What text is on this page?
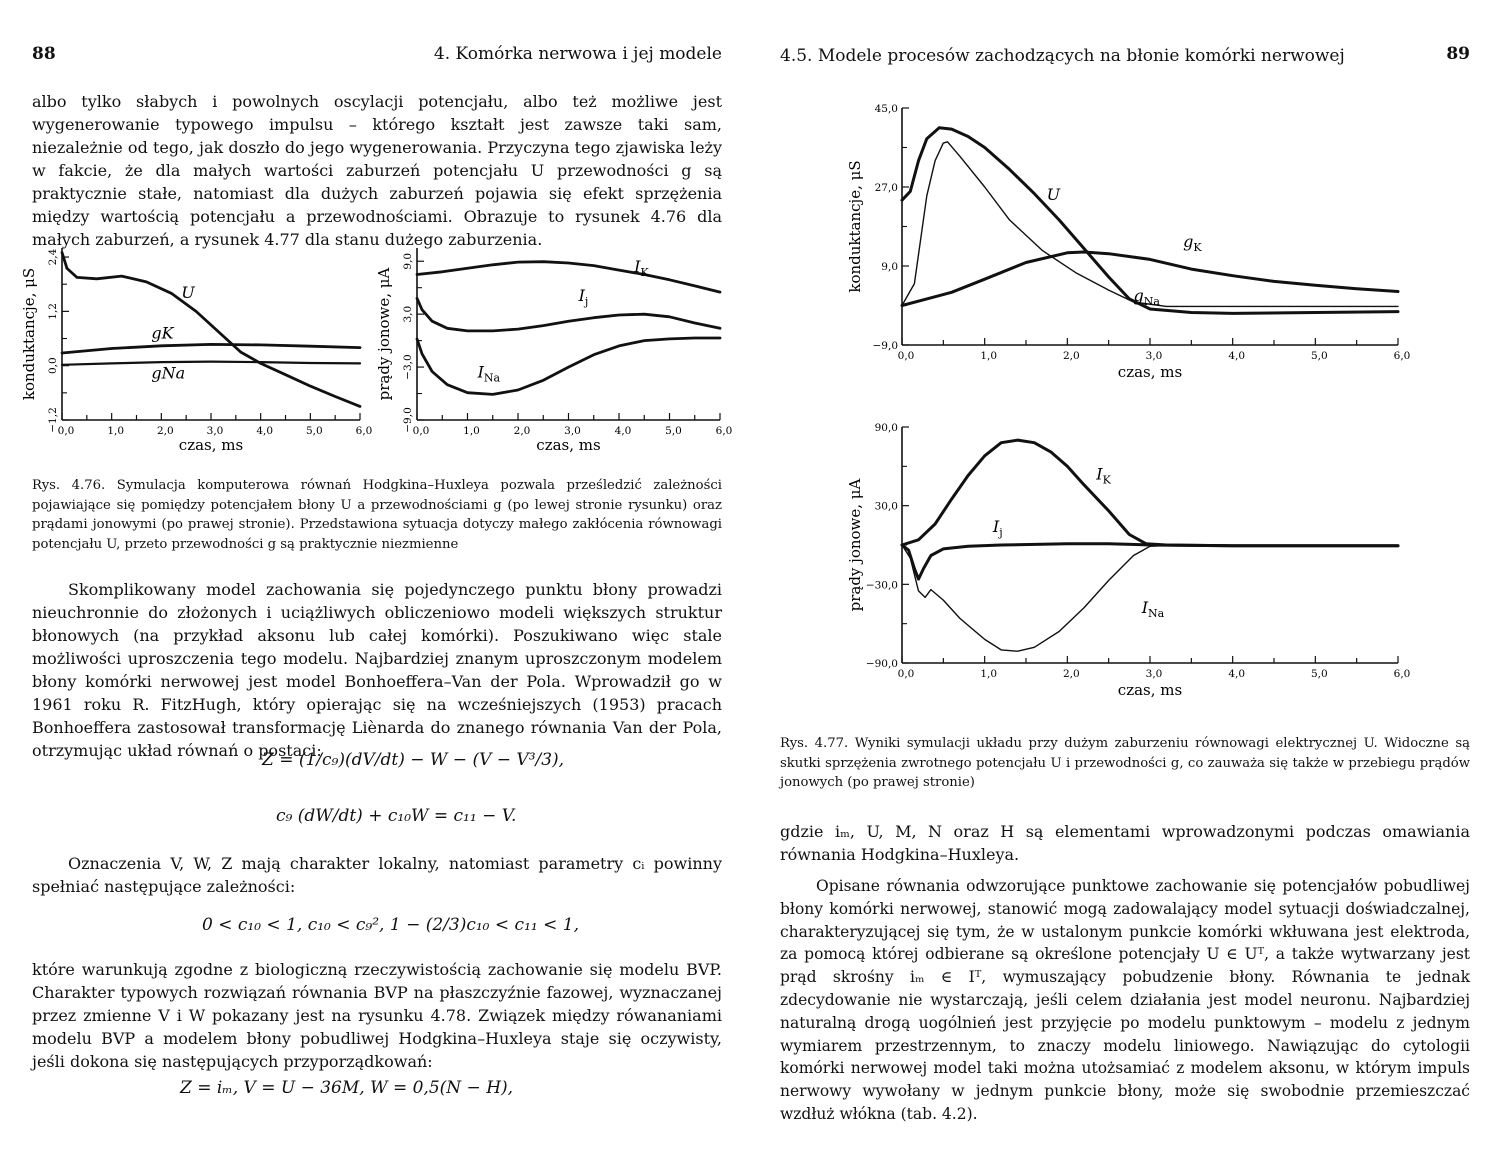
88	4. Komórka nerwowa i jej modele

albo tylko słabych i powolnych oscylacji potencjału, albo też możliwe jest wygenerowanie typowego impulsu – którego kształt jest zawsze taki sam, niezależnie od tego, jak doszło do jego wygenerowania. Przyczyna tego zjawiska leży w fakcie, że dla małych wartości zaburzeń potencjału U przewodności g są praktycznie stałe, natomiast dla dużych zaburzeń pojawia się efekt sprzężenia między wartością potencjału a przewodnościami. Obrazuje to rysunek 4.76 dla małych zaburzeń, a rysunek 4.77 dla stanu dużego zaburzenia.

0,0	1,0	2,0	3,0	4,0	5,0	6,0
−1,2
0,0
1,2
2,4
czas, ms
konduktancje, μS	U
gK
gNa
0,0	1,0	2,0	3,0	4,0	5,0	6,0
−9,0
−3,0
3,0
9,0
czas, ms
prądy jonowe, μA
$I_K$
$I_j$
$I_{Na}$

Rys. 4.76. Symulacja komputerowa równań Hodgkina–Huxleya pozwala prześledzić zależności pojawiające się pomiędzy potencjałem błony U a przewodnościami g (po lewej stronie rysunku) oraz prądami jonowymi (po prawej stronie). Przedstawiona sytuacja dotyczy małego zakłócenia równowagi potencjału U, przeto przewodności g są praktycznie niezmienne

Skomplikowany model zachowania się pojedynczego punktu błony prowadzi nieuchronnie do złożonych i uciążliwych obliczeniowo modeli większych struktur błonowych (na przykład aksonu lub całej komórki). Poszukiwano więc stale możliwości uproszczenia tego modelu. Najbardziej znanym uproszczonym modelem błony komórki nerwowej jest model Bonhoeffera–Van der Pola. Wprowadził go w 1961 roku R. FitzHugh, który opierając się na wcześniejszych (1953) pracach Bonhoeffera zastosował transformację Liènarda do znanego równania Van der Pola, otrzymując układ równań o postaci:

Z = (1/c₉)(dV/dt) − W − (V − V³/3),
c₉ (dW/dt) + c₁₀W = c₁₁ − V.

Oznaczenia V, W, Z mają charakter lokalny, natomiast parametry cᵢ powinny spełniać następujące zależności:

0 < c₁₀ < 1, c₁₀ < c₉², 1 − (2/3)c₁₀ < c₁₁ < 1,

które warunkują zgodne z biologiczną rzeczywistością zachowanie się modelu BVP. Charakter typowych rozwiązań równania BVP na płaszczyźnie fazowej, wyznaczanej przez zmienne V i W pokazany jest na rysunku 4.78. Związek między rówananiami modelu BVP a modelem błony pobudliwej Hodgkina–Huxleya staje się oczywisty, jeśli dokona się następujących przyporządkowań:

Z = iₘ, V = U − 36M, W = 0,5(N − H),
4.5. Modele procesów zachodzących na błonie komórki nerwowej	89
0,0	1,0	2,0	3,0	4,0	5,0	6,0
−9,0
9,0
27,0
45,0
czas, ms
konduktancje, μS	U
$g_K$
$g_{Na}$
0,0	1,0	2,0	3,0	4,0	5,0	6,0
−90,0
−30,0
30,0
90,0
czas, ms
prądy jonowe, μA
$I_K$
$I_j$
$I_{Na}$

Rys. 4.77. Wyniki symulacji układu przy dużym zaburzeniu równowagi elektrycznej U. Widoczne są skutki sprzężenia zwrotnego potencjału U i przewodności g, co zauważa się także w przebiegu prądów jonowych (po prawej stronie)

gdzie iₘ, U, M, N oraz H są elementami wprowadzonymi podczas omawiania równania Hodgkina–Huxleya.

Opisane równania odwzorujące punktowe zachowanie się potencjałów pobudliwej błony komórki nerwowej, stanowić mogą zadowalający model sytuacji doświadczalnej, charakteryzującej się tym, że w ustalonym punkcie komórki wkłuwana jest elektroda, za pomocą której odbierane są określone potencjały U ∈ Uᵀ, a także wytwarzany jest prąd skrośny iₘ ∈ Iᵀ, wymuszający pobudzenie błony. Równania te jednak zdecydowanie nie wystarczają, jeśli celem działania jest model neuronu. Najbardziej naturalną drogą uogólnień jest przyjęcie po modelu punktowym – modelu z jednym wymiarem przestrzennym, to znaczy modelu liniowego. Nawiązując do cytologii komórki nerwowej model taki można utożsamiać z modelem aksonu, w którym impuls nerwowy wywołany w jednym punkcie błony, może się swobodnie przemieszczać wzdłuż włókna (tab. 4.2).
